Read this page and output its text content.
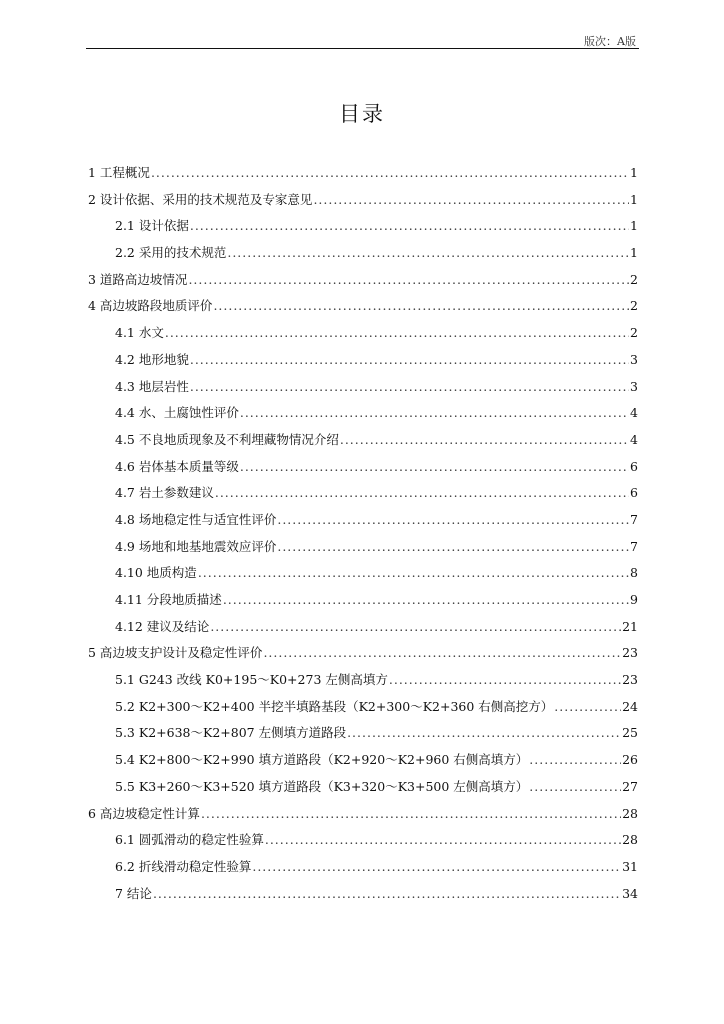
版次：A版
目录
1 工程概况 .....	1
2 设计依据、采用的技术规范及专家意见 .....	1
2.1 设计依据 .....	1
2.2 采用的技术规范 .....	1
3 道路高边坡情况 .....	2
4 高边坡路段地质评价 .....	2
4.1 水文 .....	2
4.2 地形地貌 .....	3
4.3 地层岩性 .....	3
4.4 水、土腐蚀性评价 .....	4
4.5 不良地质现象及不利埋藏物情况介绍 .....	4
4.6 岩体基本质量等级 .....	6
4.7 岩土参数建议 .....	6
4.8 场地稳定性与适宜性评价 .....	7
4.9 场地和地基地震效应评价 .....	7
4.10 地质构造 .....	8
4.11 分段地质描述 .....	9
4.12 建议及结论 .....	21
5 高边坡支护设计及稳定性评价 .....	23
5.1 G243 改线 K0+195～K0+273 左侧高填方 .....	23
5.2 K2+300～K2+400 半挖半填路基段（K2+300～K2+360 右侧高挖方） .....	24
5.3 K2+638～K2+807 左侧填方道路段 .....	25
5.4 K2+800～K2+990 填方道路段（K2+920～K2+960 右侧高填方） .....	26
5.5 K3+260～K3+520 填方道路段（K3+320～K3+500 左侧高填方） .....	27
6 高边坡稳定性计算 .....	28
6.1 圆弧滑动的稳定性验算 .....	28
6.2 折线滑动稳定性验算 .....	31
7 结论 .....	34
